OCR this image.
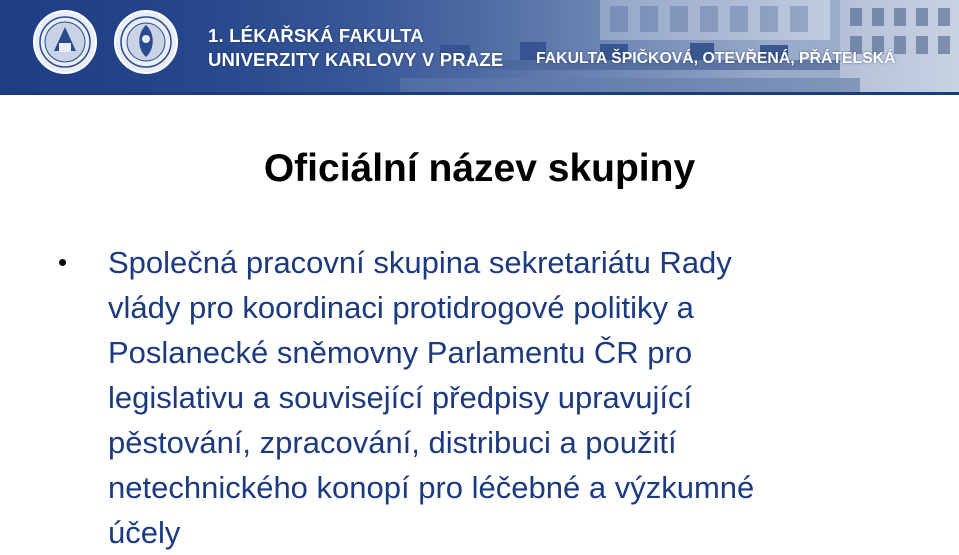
1. LÉKAŘSKÁ FAKULTA
UNIVERZITY KARLOVY V PRAZE FAKULTA ŠPIČKOVÁ, OTEVŘENÁ, PŘÁTELSKÁ
Oficiální název skupiny
• Společná pracovní skupina sekretariátu Rady
vlády pro koordinaci protidrogové politiky a
Poslanecké sněmovny Parlamentu ČR pro
legislativu a související předpisy upravující
pěstování, zpracování, distribuci a použití
netechnického konopí pro léčebné a výzkumné
účely
